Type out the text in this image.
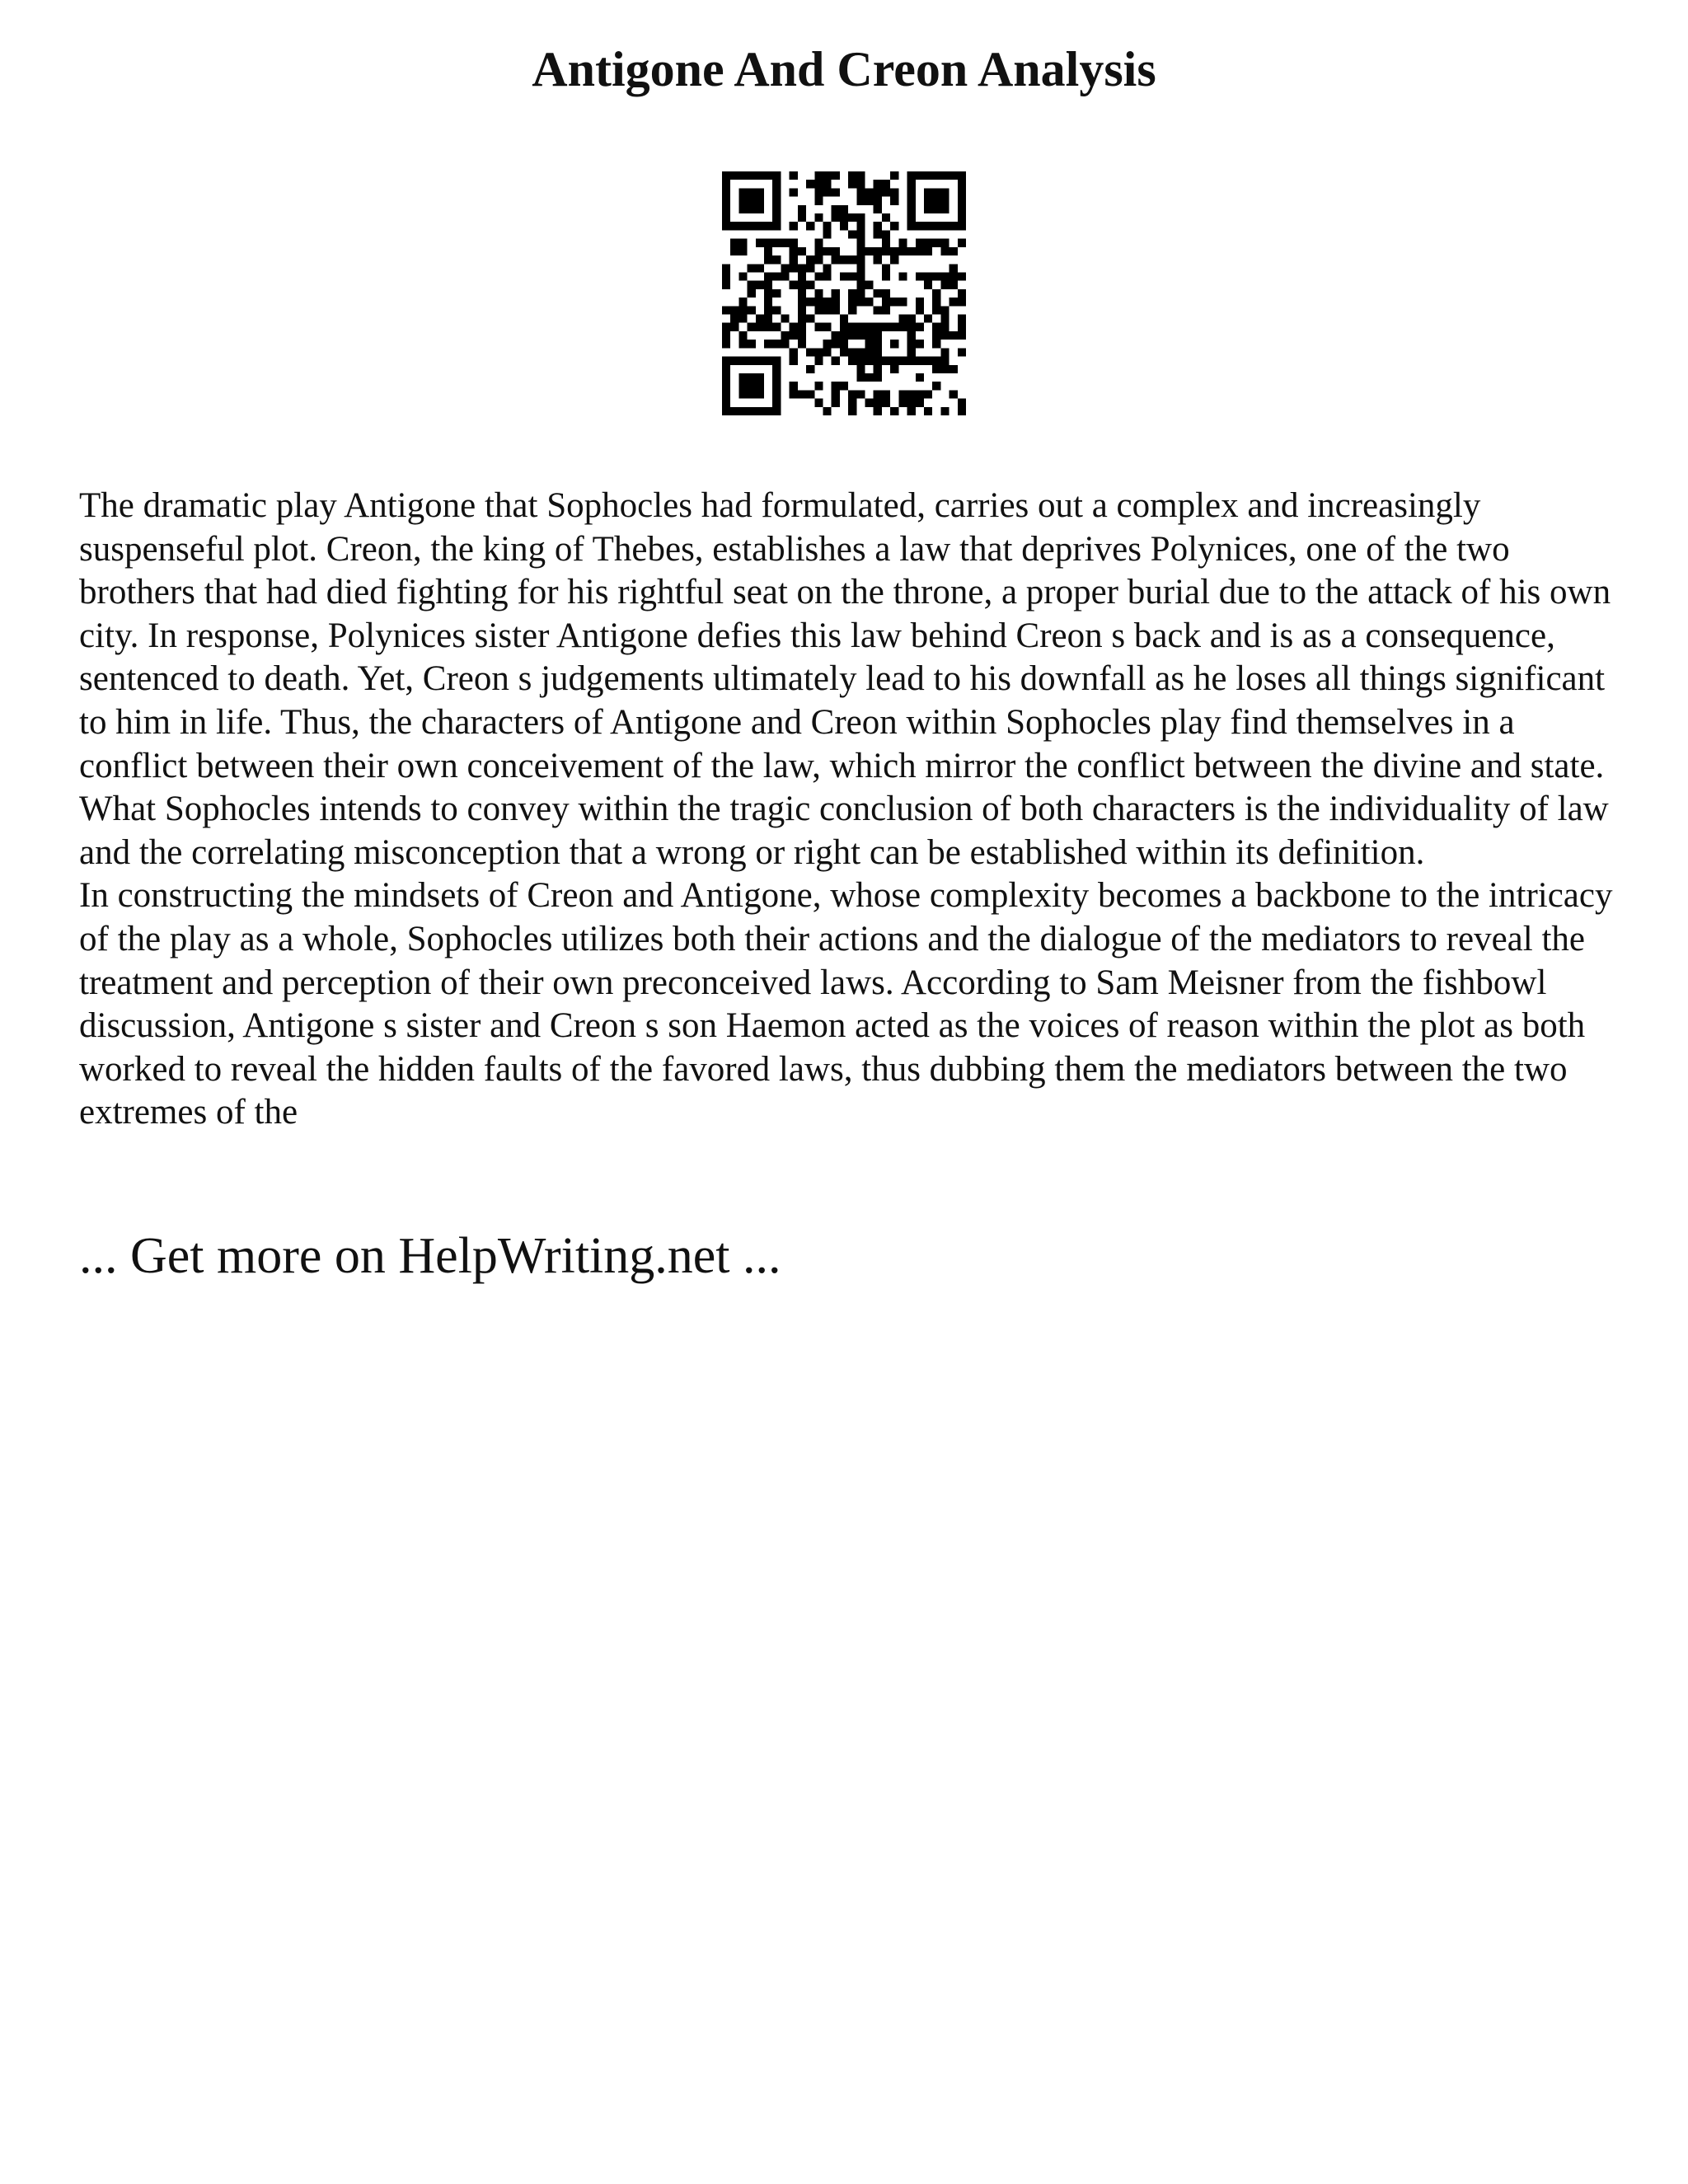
Antigone And Creon Analysis

The dramatic play Antigone that Sophocles had formulated, carries out a complex and increasingly suspenseful plot. Creon, the king of Thebes, establishes a law that deprives Polynices, one of the two brothers that had died fighting for his rightful seat on the throne, a proper burial due to the attack of his own city. In response, Polynices sister Antigone defies this law behind Creon s back and is as a consequence, sentenced to death. Yet, Creon s judgements ultimately lead to his downfall as he loses all things significant to him in life. Thus, the characters of Antigone and Creon within Sophocles play find themselves in a conflict between their own conceivement of the law, which mirror the conflict between the divine and state. What Sophocles intends to convey within the tragic conclusion of both characters is the individuality of law and the correlating misconception that a wrong or right can be established within its definition.

In constructing the mindsets of Creon and Antigone, whose complexity becomes a backbone to the intricacy of the play as a whole, Sophocles utilizes both their actions and the dialogue of the mediators to reveal the treatment and perception of their own preconceived laws. According to Sam Meisner from the fishbowl discussion, Antigone s sister and Creon s son Haemon acted as the voices of reason within the plot as both worked to reveal the hidden faults of the favored laws, thus dubbing them the mediators between the two extremes of the

... Get more on HelpWriting.net ...
